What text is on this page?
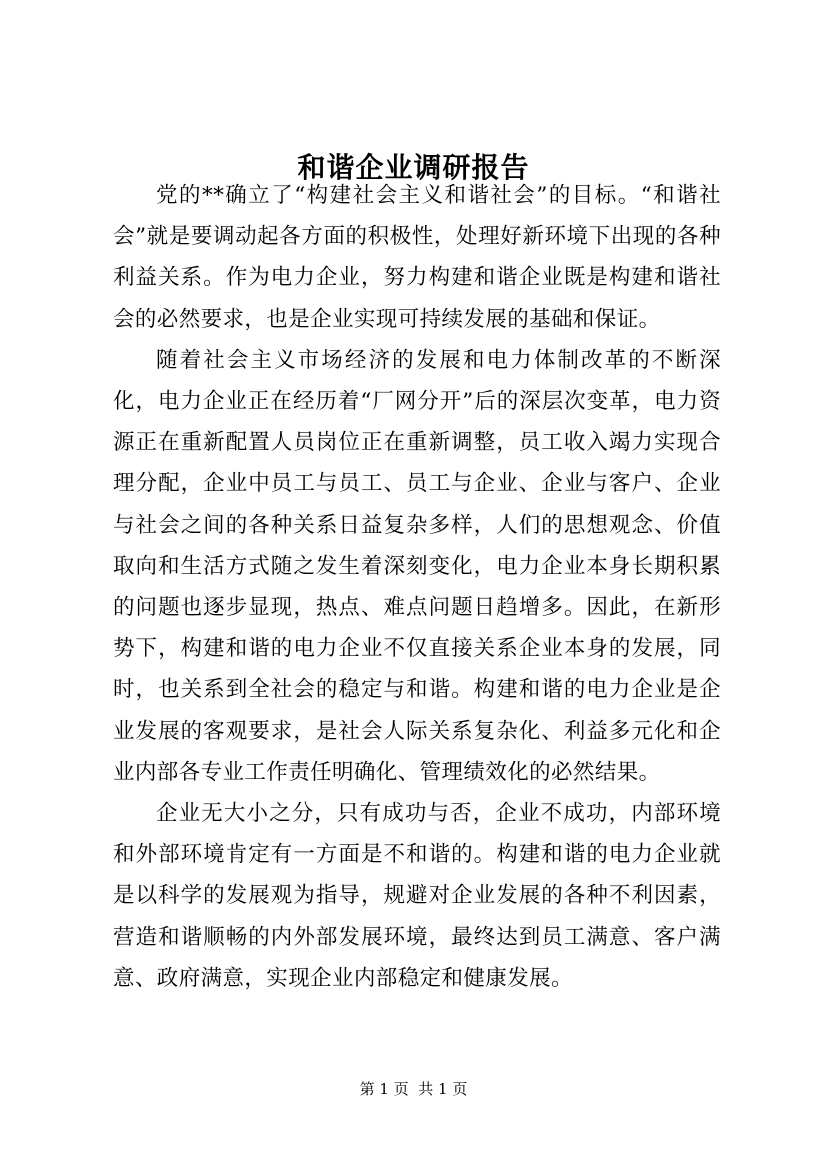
和谐企业调研报告

党的**确立了“构建社会主义和谐社会”的目标。“和谐社会”就是要调动起各方面的积极性，处理好新环境下出现的各种利益关系。作为电力企业，努力构建和谐企业既是构建和谐社会的必然要求，也是企业实现可持续发展的基础和保证。

随着社会主义市场经济的发展和电力体制改革的不断深化，电力企业正在经历着“厂网分开”后的深层次变革，电力资源正在重新配置人员岗位正在重新调整，员工收入竭力实现合理分配，企业中员工与员工、员工与企业、企业与客户、企业与社会之间的各种关系日益复杂多样，人们的思想观念、价值取向和生活方式随之发生着深刻变化，电力企业本身长期积累的问题也逐步显现，热点、难点问题日趋增多。因此，在新形势下，构建和谐的电力企业不仅直接关系企业本身的发展，同时，也关系到全社会的稳定与和谐。构建和谐的电力企业是企业发展的客观要求，是社会人际关系复杂化、利益多元化和企业内部各专业工作责任明确化、管理绩效化的必然结果。

企业无大小之分，只有成功与否，企业不成功，内部环境和外部环境肯定有一方面是不和谐的。构建和谐的电力企业就是以科学的发展观为指导，规避对企业发展的各种不利因素，营造和谐顺畅的内外部发展环境，最终达到员工满意、客户满意、政府满意，实现企业内部稳定和健康发展。

第 1 页  共 1 页
